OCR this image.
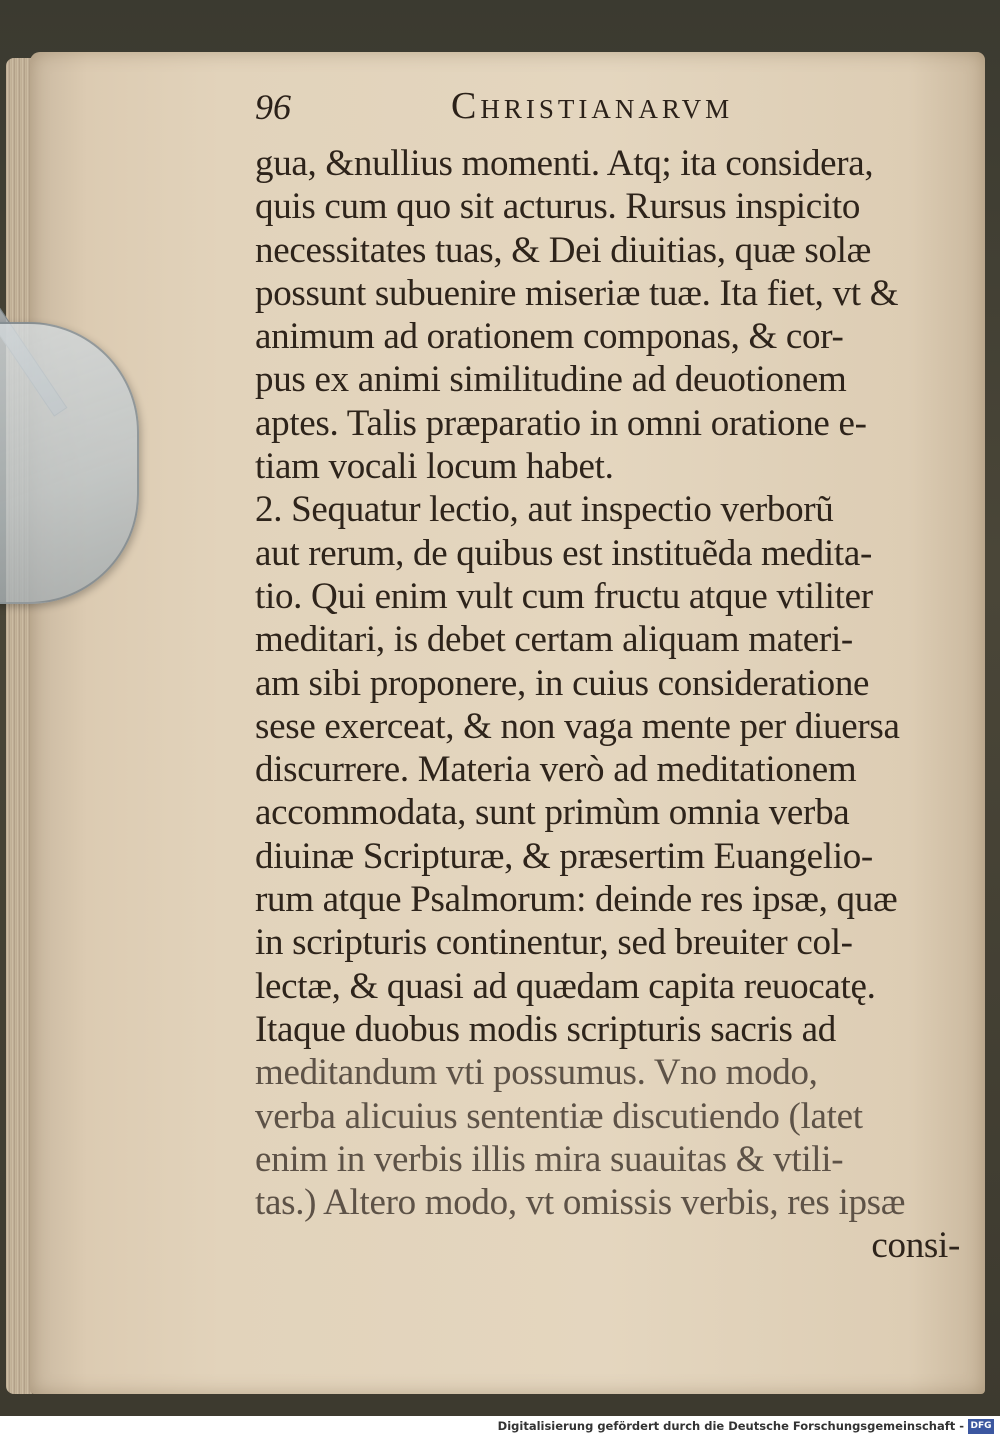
96	Christianarvm
gua, &nullius momenti. Atq; ita considera,
quis cum quo sit acturus. Rursus inspicito
necessitates tuas, & Dei diuitias, quæ solæ
possunt subuenire miseriæ tuæ. Ita fiet, vt &
animum ad orationem componas, & cor-
pus ex animi similitudine ad deuotionem
aptes. Talis præparatio in omni oratione e-
tiam vocali locum habet.
2. Sequatur lectio, aut inspectio verborũ
aut rerum, de quibus est instituẽda medita-
tio. Qui enim vult cum fructu atque vtiliter
meditari, is debet certam aliquam materi-
am sibi proponere, in cuius consideratione
sese exerceat, & non vaga mente per diuersa
discurrere. Materia verò ad meditationem
accommodata, sunt primùm omnia verba
diuinæ Scripturæ, & præsertim Euangelio-
rum atque Psalmorum: deinde res ipsæ, quæ
in scripturis continentur, sed breuiter col-
lectæ, & quasi ad quædam capita reuocatę.
Itaque duobus modis scripturis sacris ad
meditandum vti possumus. Vno modo,
verba alicuius sententiæ discutiendo (latet
enim in verbis illis mira suauitas & vtili-
tas.) Altero modo, vt omissis verbis, res ipsæ
consi-
Digitalisierung gefördert durch die Deutsche Forschungsgemeinschaft - DFG
